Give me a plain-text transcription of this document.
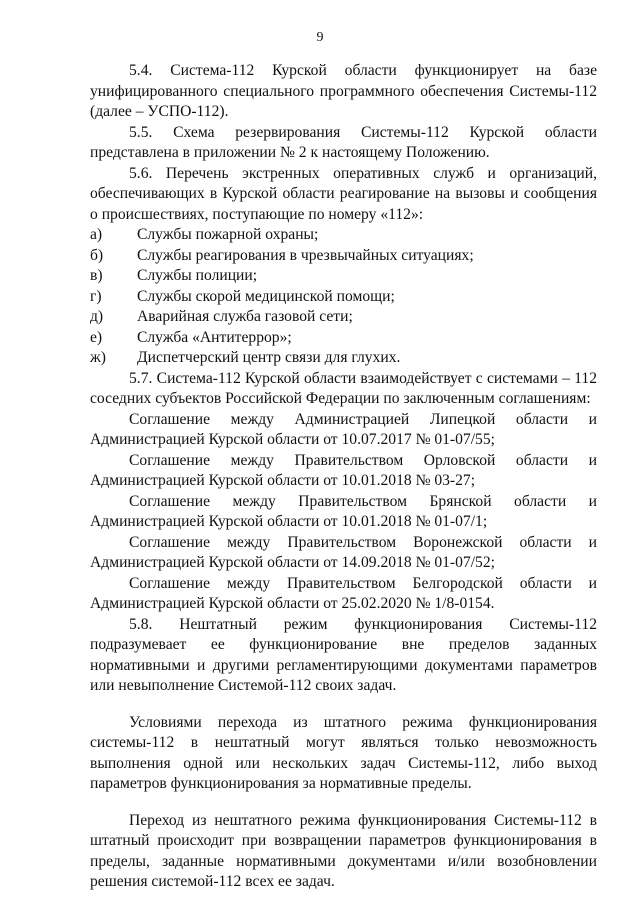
9

5.4. Система-112 Курской области функционирует на базе унифицированного специального программного обеспечения Системы-112 (далее – УСПО-112).

5.5. Схема резервирования Системы-112 Курской области представлена в приложении № 2 к настоящему Положению.

5.6. Перечень экстренных оперативных служб и организаций, обеспечивающих в Курской области реагирование на вызовы и сообщения о происшествиях, поступающие по номеру «112»:

а)	Службы пожарной охраны;
б)	Службы реагирования в чрезвычайных ситуациях;
в)	Службы полиции;
г)	Службы скорой медицинской помощи;
д)	Аварийная служба газовой сети;
е)	Служба «Антитеррор»;
ж)	Диспетчерский центр связи для глухих.

5.7. Система-112 Курской области взаимодействует с системами – 112 соседних субъектов Российской Федерации по заключенным соглашениям:

Соглашение между Администрацией Липецкой области и Администрацией Курской области от 10.07.2017 № 01-07/55;

Соглашение между Правительством Орловской области и Администрацией Курской области от 10.01.2018 № 03-27;

Соглашение между Правительством Брянской области и Администрацией Курской области от 10.01.2018 № 01-07/1;

Соглашение между Правительством Воронежской области и Администрацией Курской области от 14.09.2018 № 01-07/52;

Соглашение между Правительством Белгородской области и Администрацией Курской области от 25.02.2020 № 1/8-0154.

5.8. Нештатный режим функционирования Системы-112 подразумевает ее функционирование вне пределов заданных нормативными и другими регламентирующими документами параметров или невыполнение Системой-112 своих задач.

Условиями перехода из штатного режима функционирования системы-112 в нештатный могут являться только невозможность выполнения одной или нескольких задач Системы-112, либо выход параметров функционирования за нормативные пределы.

Переход из нештатного режима функционирования Системы-112 в штатный происходит при возвращении параметров функционирования в пределы, заданные нормативными документами и/или возобновлении решения системой-112 всех ее задач.
